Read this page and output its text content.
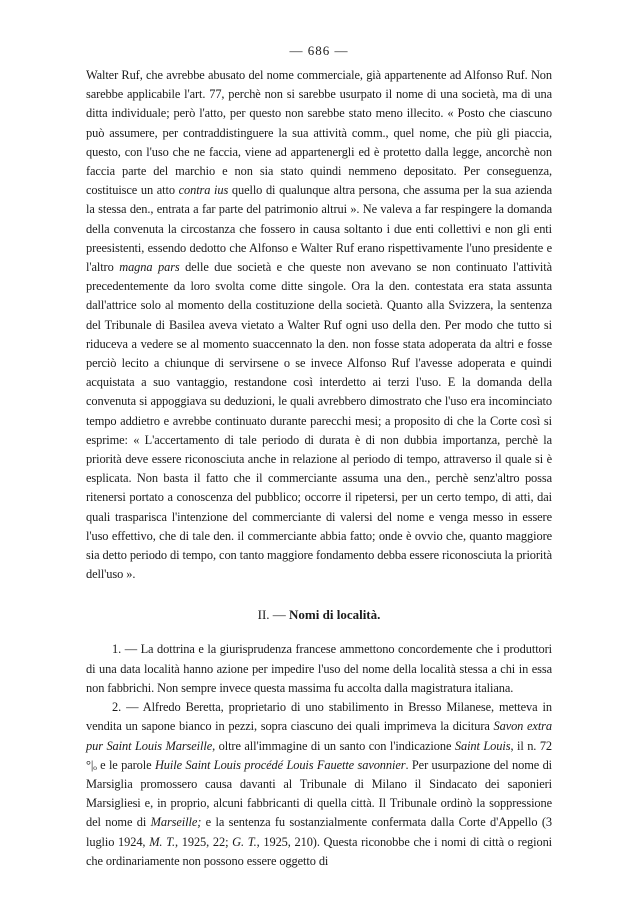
— 686 —

Walter Ruf, che avrebbe abusato del nome commerciale, già appartenente ad Alfonso Ruf. Non sarebbe applicabile l'art. 77, perchè non si sarebbe usurpato il nome di una società, ma di una ditta individuale; però l'atto, per questo non sarebbe stato meno illecito. « Posto che ciascuno può assumere, per contraddistinguere la sua attività comm., quel nome, che più gli piaccia, questo, con l'uso che ne faccia, viene ad appartenergli ed è protetto dalla legge, ancorchè non faccia parte del marchio e non sia stato quindi nemmeno depositato. Per conseguenza, costituisce un atto contra ius quello di qualunque altra persona, che assuma per la sua azienda la stessa den., entrata a far parte del patrimonio altrui ». Ne valeva a far respingere la domanda della convenuta la circostanza che fossero in causa soltanto i due enti collettivi e non gli enti preesistenti, essendo dedotto che Alfonso e Walter Ruf erano rispettivamente l'uno presidente e l'altro magna pars delle due società e che queste non avevano se non continuato l'attività precedentemente da loro svolta come ditte singole. Ora la den. contestata era stata assunta dall'attrice solo al momento della costituzione della società. Quanto alla Svizzera, la sentenza del Tribunale di Basilea aveva vietato a Walter Ruf ogni uso della den. Per modo che tutto si riduceva a vedere se al momento suaccennato la den. non fosse stata adoperata da altri e fosse perciò lecito a chiunque di servirsene o se invece Alfonso Ruf l'avesse adoperata e quindi acquistata a suo vantaggio, restandone così interdetto ai terzi l'uso. E la domanda della convenuta si appoggiava su deduzioni, le quali avrebbero dimostrato che l'uso era incominciato tempo addietro e avrebbe continuato durante parecchi mesi; a proposito di che la Corte così si esprime: « L'accertamento di tale periodo di durata è di non dubbia importanza, perchè la priorità deve essere riconosciuta anche in relazione al periodo di tempo, attraverso il quale si è esplicata. Non basta il fatto che il commerciante assuma una den., perchè senz'altro possa ritenersi portato a conoscenza del pubblico; occorre il ripetersi, per un certo tempo, di atti, dai quali traspariscа l'intenzione del commerciante di valersi del nome e venga messo in essere l'uso effettivo, che di tale den. il commerciante abbia fatto; onde è ovvio che, quanto maggiore sia detto periodo di tempo, con tanto maggiore fondamento debba essere riconosciuta la priorità dell'uso ».

II. — Nomi di località.

1. — La dottrina e la giurisprudenza francese ammettono concordemente che i produttori di una data località hanno azione per impedire l'uso del nome della località stessa a chi in essa non fabbrichi. Non sempre invece questa massima fu accolta dalla magistratura italiana.

2. — Alfredo Beretta, proprietario di uno stabilimento in Bresso Milanese, metteva in vendita un sapone bianco in pezzi, sopra ciascuno dei quali imprimeva la dicitura Savon extra pur Saint Louis Marseille, oltre all'immagine di un santo con l'indicazione Saint Louis, il n. 72 °|ₒ e le parole Huile Saint Louis procédé Louis Fauette savonnier. Per usurpazione del nome di Marsiglia promossero causa davanti al Tribunale di Milano il Sindacato dei saponieri Marsigliesi e, in proprio, alcuni fabbricanti di quella città. Il Tribunale ordinò la soppressione del nome di Marseille; e la sentenza fu sostanzialmente confermata dalla Corte d'Appello (3 luglio 1924, M. T., 1925, 22; G. T., 1925, 210). Questa riconobbe che i nomi di città o regioni che ordinariamente non possono essere oggetto di
